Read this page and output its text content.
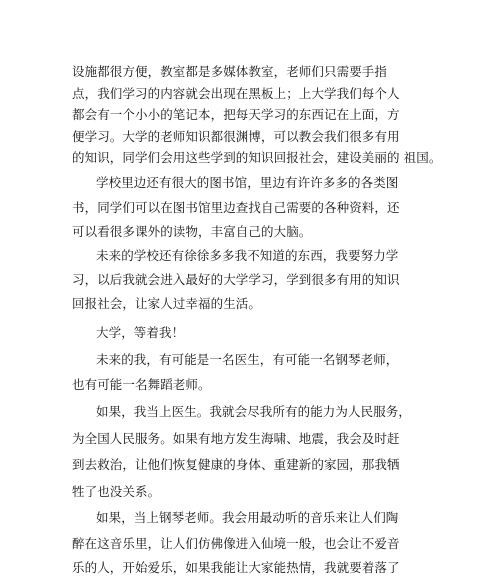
设施都很方便，教室都是多媒体教室，老师们只需要手指
点，我们学习的内容就会出现在黑板上；上大学我们每个人
都会有一个小小的笔记本，把每天学习的东西记在上面，方
便学习。大学的老师知识都很渊博，可以教会我们很多有用
的知识，同学们会用这些学到的知识回报社会，建设美丽的 祖国。
学校里边还有很大的图书馆，里边有许许多多的各类图
书，同学们可以在图书馆里边查找自己需要的各种资料，还
可以看很多课外的读物，丰富自己的大脑。
未来的学校还有徐徐多多我不知道的东西，我要努力学
习，以后我就会进入最好的大学学习，学到很多有用的知识
回报社会，让家人过幸福的生活。
大学，等着我！
未来的我，有可能是一名医生，有可能一名钢琴老师，
也有可能一名舞蹈老师。
如果，我当上医生。我就会尽我所有的能力为人民服务，
为全国人民服务。如果有地方发生海啸、地震，我会及时赶
到去救治，让他们恢复健康的身体、重建新的家园，那我牺
牲了也没关系。
如果，当上钢琴老师。我会用最动听的音乐来让人们陶
醉在这音乐里，让人们仿佛像进入仙境一般，也会让不爱音
乐的人，开始爱乐，如果我能让大家能热情，我就要着落了
